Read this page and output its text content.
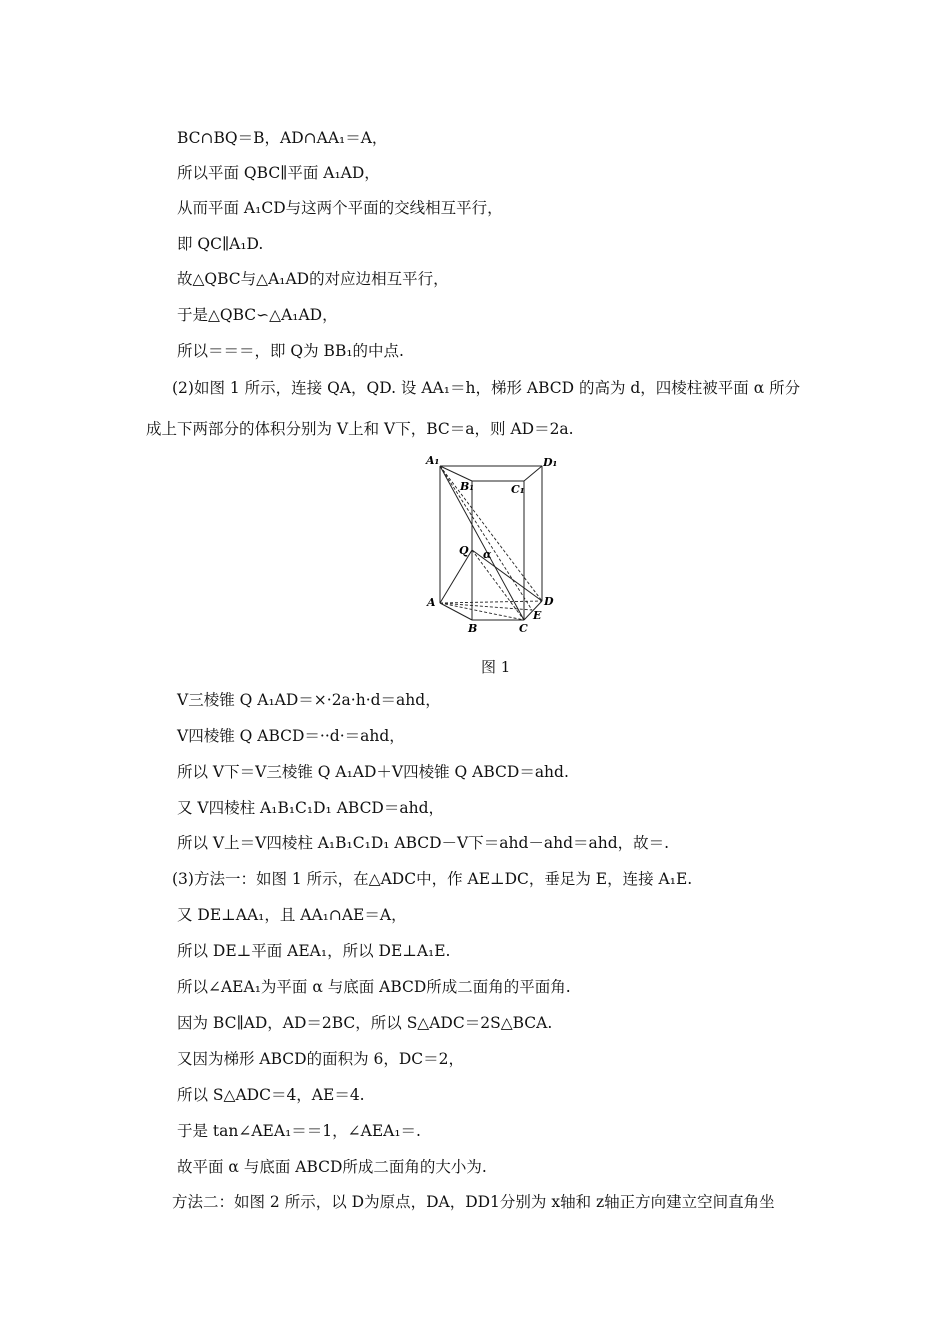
BC∩BQ＝B，AD∩AA₁＝A，
所以平面 QBC∥平面 A₁AD，
从而平面 A₁CD与这两个平面的交线相互平行，
即 QC∥A₁D.
故△QBC与△A₁AD的对应边相互平行，
于是△QBC∽△A₁AD，
所以＝＝＝，即 Q为 BB₁的中点.
(2)如图 1 所示，连接 QA，QD. 设 AA₁＝h，梯形 ABCD 的高为 d，四棱柱被平面 α 所分
成上下两部分的体积分别为 V上和 V下，BC＝a，则 AD＝2a.
A₁	D₁
B₁	C₁
Q α
A	D
E
B	C
图 1
V三棱锥 Q A₁AD＝×·2a·h·d＝ahd，
V四棱锥 Q ABCD＝··d·＝ahd，
所以 V下＝V三棱锥 Q A₁AD＋V四棱锥 Q ABCD＝ahd.
又 V四棱柱 A₁B₁C₁D₁ ABCD＝ahd，
所以 V上＝V四棱柱 A₁B₁C₁D₁ ABCD－V下＝ahd－ahd＝ahd，故＝.
(3)方法一：如图 1 所示，在△ADC中，作 AE⊥DC，垂足为 E，连接 A₁E.
又 DE⊥AA₁，且 AA₁∩AE＝A，
所以 DE⊥平面 AEA₁，所以 DE⊥A₁E.
所以∠AEA₁为平面 α 与底面 ABCD所成二面角的平面角.
因为 BC∥AD，AD＝2BC，所以 S△ADC＝2S△BCA.
又因为梯形 ABCD的面积为 6，DC＝2，
所以 S△ADC＝4，AE＝4.
于是 tan∠AEA₁＝＝1，∠AEA₁＝.
故平面 α 与底面 ABCD所成二面角的大小为.
方法二：如图 2 所示，以 D为原点，DA，DD1分别为 x轴和 z轴正方向建立空间直角坐
